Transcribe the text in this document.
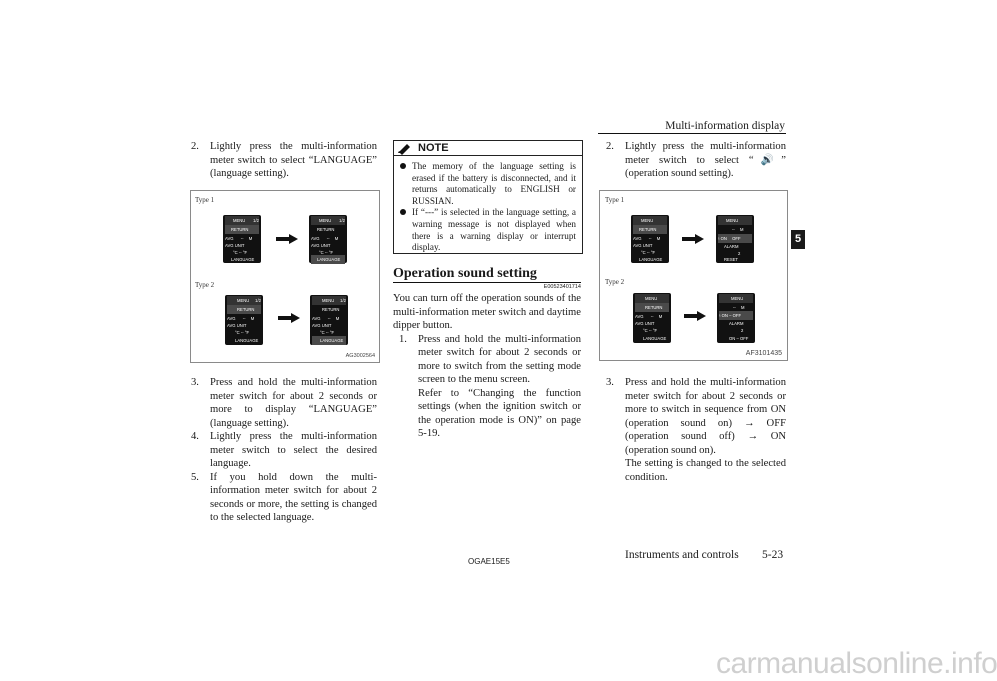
Multi-information display
5

2. Lightly press the multi-information meter switch to select “LANGUAGE” (language setting).

Type 1
Type 2
AG3002564
MENU 1/2
RETURN
AVG -- M
AVG UNIT
°C -- °F
LANGUAGE
MENU 1/2
RETURN
AVG -- M
AVG UNIT
°C -- °F
LANGUAGE
MENU 1/2
RETURN
AVG -- M
AVG UNIT
°C -- °F
LANGUAGE
MENU 1/2
RETURN
AVG -- M
AVG UNIT
°C -- °F
LANGUAGE

3. Press and hold the multi-information meter switch for about 2 seconds or more to display “LANGUAGE” (language setting).

4. Lightly press the multi-information meter switch to select the desired language.

5. If you hold down the multi-information meter switch for about 2 seconds or more, the setting is changed to the selected language.

NOTE

The memory of the language setting is erased if the battery is disconnected, and it returns automatically to ENGLISH or RUSSIAN.

If “---” is selected in the language setting, a warning message is not displayed when there is a warning display or interrupt display.

Operation sound setting
E00523401714

You can turn off the operation sounds of the multi-information meter switch and daytime dipper button.

1. Press and hold the multi-information meter switch for about 2 seconds or more to switch from the setting mode screen to the menu screen.

Refer to “Changing the function settings (when the ignition switch or the operation mode is ON)” on page 5-19.

2. Lightly press the multi-information meter switch to select “🔊” (operation sound setting).

Type 1
Type 2
AF3101435
MENU
RETURN
AVG -- M
AVG UNIT
°C -- °F
LANGUAGE
MENU
-- M
♮ ON OFF
ALARM
2
RESET
MENU
RETURN
AVG -- M
AVG UNIT
°C -- °F
LANGUAGE
MENU
-- M
♮ ON – OFF
ALARM
2
ON – OFF

3. Press and hold the multi-information meter switch for about 2 seconds or more to switch in sequence from ON (operation sound on) → OFF (operation sound off) → ON (operation sound on).

The setting is changed to the selected condition.

OGAE15E5
Instruments and controls 5-23
carmanualsonline.info
